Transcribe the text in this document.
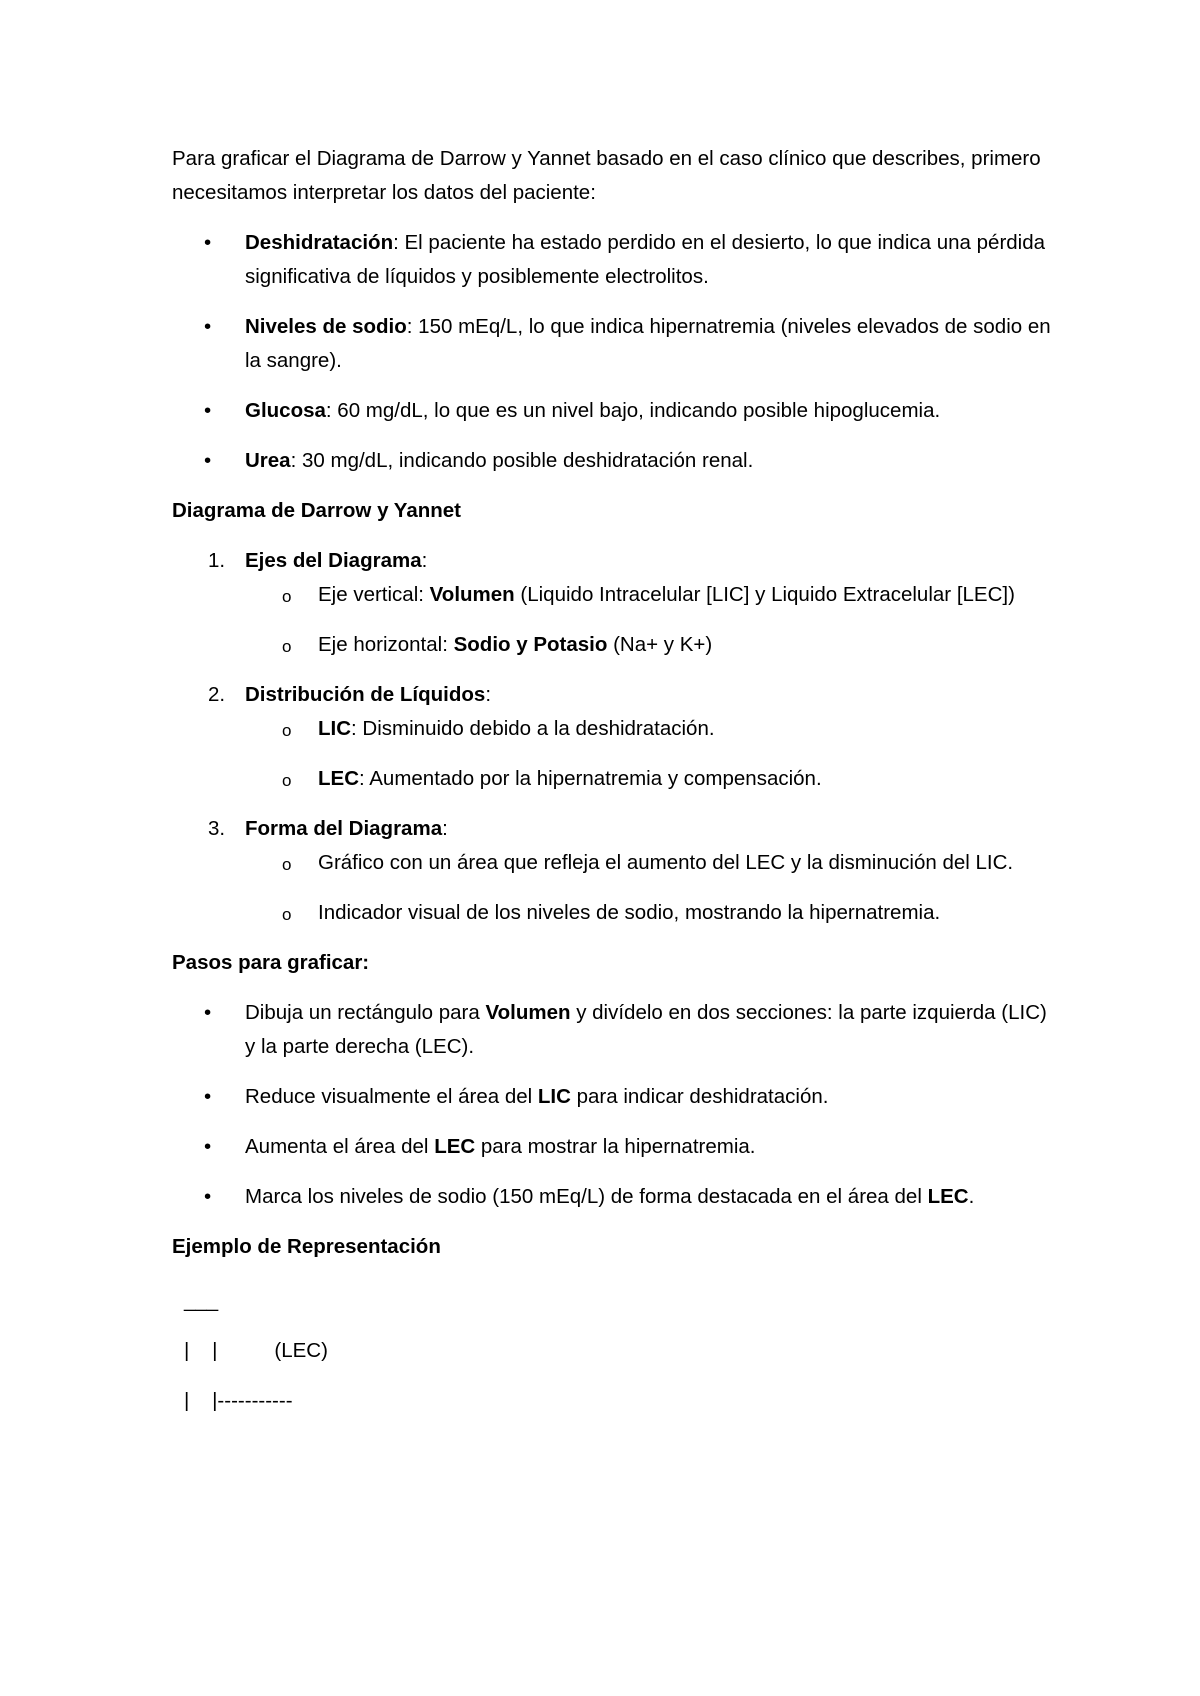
Para graficar el Diagrama de Darrow y Yannet basado en el caso clínico que describes, primero necesitamos interpretar los datos del paciente:

•	Deshidratación: El paciente ha estado perdido en el desierto, lo que indica una pérdida significativa de líquidos y posiblemente electrolitos.
•	Niveles de sodio: 150 mEq/L, lo que indica hipernatremia (niveles elevados de sodio en la sangre).
•	Glucosa: 60 mg/dL, lo que es un nivel bajo, indicando posible hipoglucemia.
•	Urea: 30 mg/dL, indicando posible deshidratación renal.

Diagrama de Darrow y Yannet

1. Ejes del Diagrama:
o Eje vertical: Volumen (Liquido Intracelular [LIC] y Liquido Extracelular [LEC])
o Eje horizontal: Sodio y Potasio (Na+ y K+)
2. Distribución de Líquidos:
o LIC: Disminuido debido a la deshidratación.
o LEC: Aumentado por la hipernatremia y compensación.
3. Forma del Diagrama:
o Gráfico con un área que refleja el aumento del LEC y la disminución del LIC.
o Indicador visual de los niveles de sodio, mostrando la hipernatremia.

Pasos para graficar:

•	Dibuja un rectángulo para Volumen y divídelo en dos secciones: la parte izquierda (LIC) y la parte derecha (LEC).
•	Reduce visualmente el área del LIC para indicar deshidratación.
•	Aumenta el área del LEC para mostrar la hipernatremia.
•	Marca los niveles de sodio (150 mEq/L) de forma destacada en el área del LEC.

Ejemplo de Representación

___
|    |          (LEC)
|    |-----------
